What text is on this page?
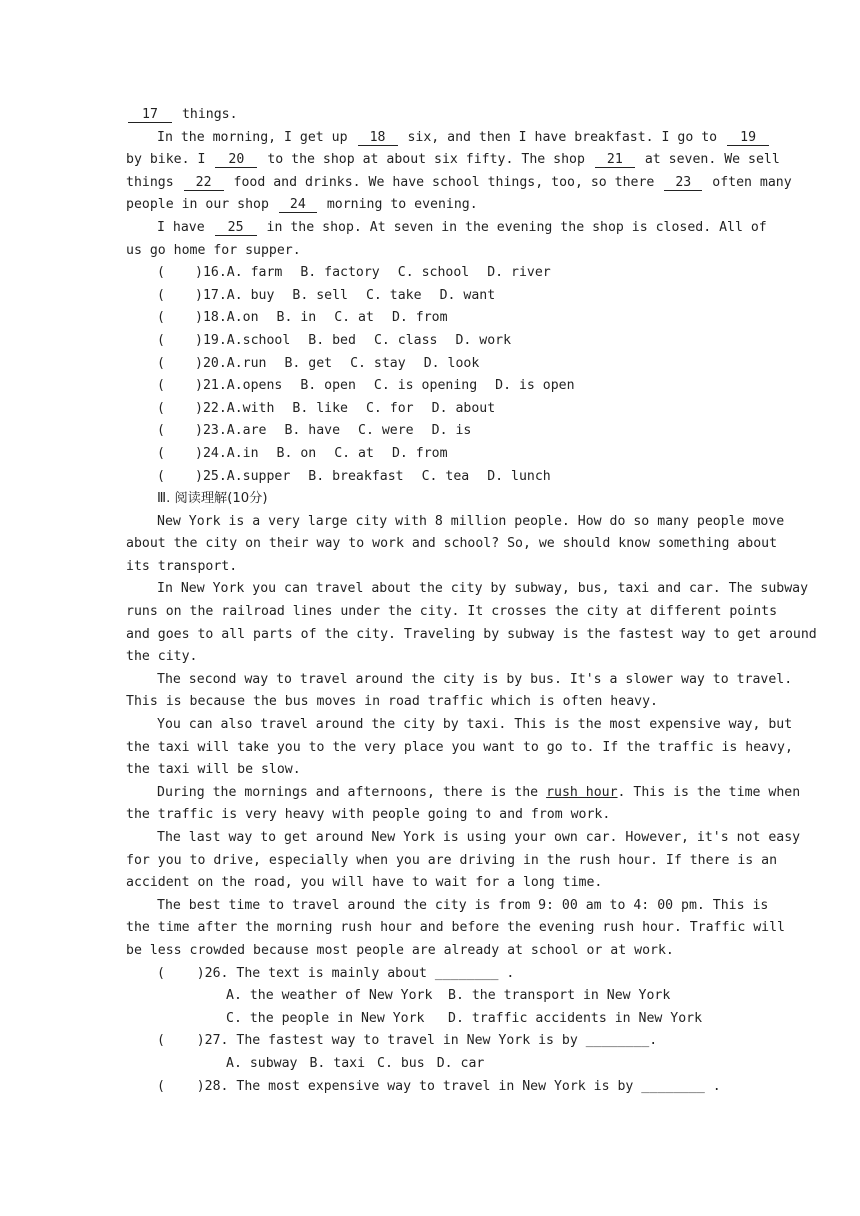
17 things.
In the morning, I get up 18 six, and then I have breakfast. I go to 19
by bike. I 20 to the shop at about six fifty. The shop 21 at seven. We sell
things 22 food and drinks. We have school things, too, so there 23 often many
people in our shop 24 morning to evening.
I have 25 in the shop. At seven in the evening the shop is closed. All of
us go home for supper.
(	)16. A. farm B. factory C. school D. river
(	)17. A. buy B. sell C. take D. want
(	)18. A.on B. in C. at D. from
(	)19. A.school B. bed C. class D. work
(	)20. A.run B. get C. stay D. look
(	)21. A.opens B. open C. is opening D. is open
(	)22. A.with B. like C. for D. about
(	)23. A.are B. have C. were D. is
(	)24. A.in B. on C. at D. from
(	)25. A.supper B. breakfast C. tea D. lunch
Ⅲ. 阅读理解(10分)
New York is a very large city with 8 million people. How do so many people move
about the city on their way to work and school? So, we should know something about
its transport.
In New York you can travel about the city by subway, bus, taxi and car. The subway
runs on the railroad lines under the city. It crosses the city at different points
and goes to all parts of the city. Traveling by subway is the fastest way to get around
the city.
The second way to travel around the city is by bus. It's a slower way to travel.
This is because the bus moves in road traffic which is often heavy.
You can also travel around the city by taxi. This is the most expensive way, but
the taxi will take you to the very place you want to go to. If the traffic is heavy,
the taxi will be slow.
During the mornings and afternoons, there is the rush hour. This is the time when
the traffic is very heavy with people going to and from work.
The last way to get around New York is using your own car. However, it's not easy
for you to drive, especially when you are driving in the rush hour. If there is an
accident on the road, you will have to wait for a long time.
The best time to travel around the city is from 9: 00 am to 4: 00 pm. This is
the time after the morning rush hour and before the evening rush hour. Traffic will
be less crowded because most people are already at school or at work.
(    )26. The text is mainly about ________ .
A. the weather of New York B. the transport in New York
C. the people in New York	D. traffic accidents in New York
(    )27. The fastest way to travel in New York is by ________.
A. subway B. taxi C. bus D. car
(    )28. The most expensive way to travel in New York is by ________ .
